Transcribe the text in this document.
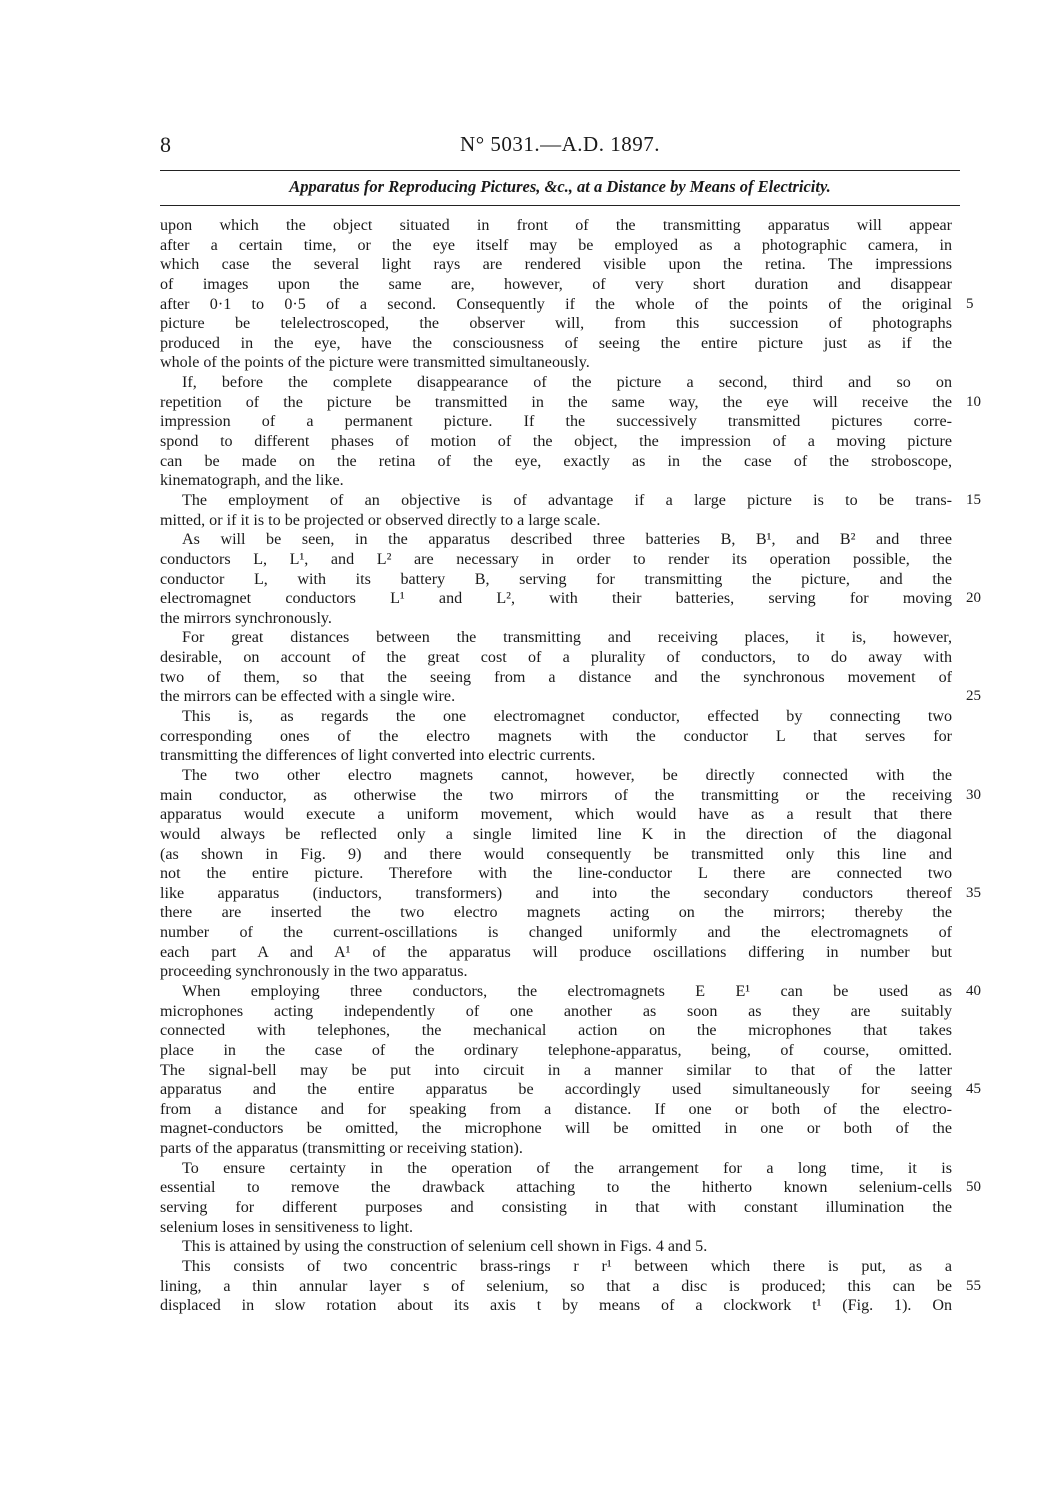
8	N° 5031.—A.D. 1897.
Apparatus for Reproducing Pictures, &c., at a Distance by Means of Electricity.
upon which the object situated in front of the transmitting apparatus will appear
after a certain time, or the eye itself may be employed as a photographic camera, in
which case the several light rays are rendered visible upon the retina. The impressions
of images upon the same are, however, of very short duration and disappear
after 0·1 to 0·5 of a second. Consequently if the whole of the points of the original 5
picture be telelectroscoped, the observer will, from this succession of photographs
produced in the eye, have the consciousness of seeing the entire picture just as if the
whole of the points of the picture were transmitted simultaneously.
If, before the complete disappearance of the picture a second, third and so on
repetition of the picture be transmitted in the same way, the eye will receive the 10
impression of a permanent picture. If the successively transmitted pictures corre-
spond to different phases of motion of the object, the impression of a moving picture
can be made on the retina of the eye, exactly as in the case of the stroboscope,
kinematograph, and the like.
The employment of an objective is of advantage if a large picture is to be trans- 15
mitted, or if it is to be projected or observed directly to a large scale.
As will be seen, in the apparatus described three batteries B, B¹, and B² and three
conductors L, L¹, and L² are necessary in order to render its operation possible, the
conductor L, with its battery B, serving for transmitting the picture, and the
electromagnet conductors L¹ and L², with their batteries, serving for moving 20
the mirrors synchronously.
For great distances between the transmitting and receiving places, it is, however,
desirable, on account of the great cost of a plurality of conductors, to do away with
two of them, so that the seeing from a distance and the synchronous movement of
the mirrors can be effected with a single wire.	25
This is, as regards the one electromagnet conductor, effected by connecting two
corresponding ones of the electro magnets with the conductor L that serves for
transmitting the differences of light converted into electric currents.
The two other electro magnets cannot, however, be directly connected with the
main conductor, as otherwise the two mirrors of the transmitting or the receiving 30
apparatus would execute a uniform movement, which would have as a result that there
would always be reflected only a single limited line K in the direction of the diagonal
(as shown in Fig. 9) and there would consequently be transmitted only this line and
not the entire picture. Therefore with the line-conductor L there are connected two
like apparatus (inductors, transformers) and into the secondary conductors thereof 35
there are inserted the two electro magnets acting on the mirrors; thereby the
number of the current-oscillations is changed uniformly and the electromagnets of
each part A and A¹ of the apparatus will produce oscillations differing in number but
proceeding synchronously in the two apparatus.
When employing three conductors, the electromagnets E E¹ can be used as 40
microphones acting independently of one another as soon as they are suitably
connected with telephones, the mechanical action on the microphones that takes
place in the case of the ordinary telephone-apparatus, being, of course, omitted.
The signal-bell may be put into circuit in a manner similar to that of the latter
apparatus and the entire apparatus be accordingly used simultaneously for seeing 45
from a distance and for speaking from a distance. If one or both of the electro-
magnet-conductors be omitted, the microphone will be omitted in one or both of the
parts of the apparatus (transmitting or receiving station).
To ensure certainty in the operation of the arrangement for a long time, it is
essential to remove the drawback attaching to the hitherto known selenium-cells 50
serving for different purposes and consisting in that with constant illumination the
selenium loses in sensitiveness to light.
This is attained by using the construction of selenium cell shown in Figs. 4 and 5.
This consists of two concentric brass-rings r r¹ between which there is put, as a
lining, a thin annular layer s of selenium, so that a disc is produced; this can be 55
displaced in slow rotation about its axis t by means of a clockwork t¹ (Fig. 1). On
